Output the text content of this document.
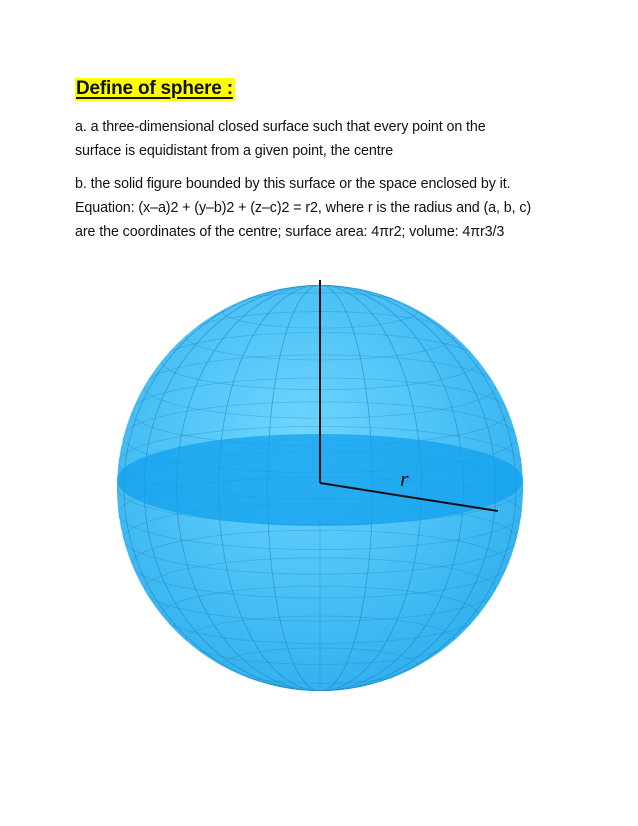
Define of sphere :
a. a three-dimensional closed surface such that every point on the
surface is equidistant from a given point, the centre
b. the solid figure bounded by this surface or the space enclosed by it.
Equation: (x–a)2 + (y–b)2 + (z–c)2 = r2, where r is the radius and (a, b, c)
are the coordinates of the centre; surface area: 4πr2; volume: 4πr3/3
r
